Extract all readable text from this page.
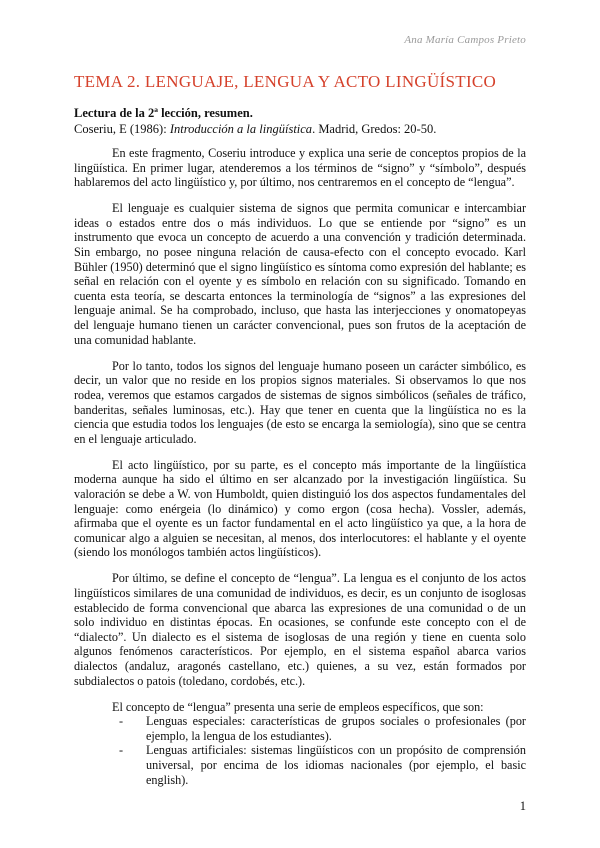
Ana María Campos Prieto
TEMA 2. LENGUAJE, LENGUA Y ACTO LINGÜÍSTICO

Lectura de la 2ª lección, resumen.

Coseriu, E (1986): Introducción a la lingüística. Madrid, Gredos: 20-50.

En este fragmento, Coseriu introduce y explica una serie de conceptos propios de la lingüística. En primer lugar, atenderemos a los términos de “signo” y “símbolo”, después hablaremos del acto lingüístico y, por último, nos centraremos en el concepto de “lengua”.

El lenguaje es cualquier sistema de signos que permita comunicar e intercambiar ideas o estados entre dos o más individuos. Lo que se entiende por “signo” es un instrumento que evoca un concepto de acuerdo a una convención y tradición determinada. Sin embargo, no posee ninguna relación de causa-efecto con el concepto evocado. Karl Bühler (1950) determinó que el signo lingüístico es síntoma como expresión del hablante; es señal en relación con el oyente y es símbolo en relación con su significado. Tomando en cuenta esta teoría, se descarta entonces la terminología de “signos” a las expresiones del lenguaje animal. Se ha comprobado, incluso, que hasta las interjecciones y onomatopeyas del lenguaje humano tienen un carácter convencional, pues son frutos de la aceptación de una comunidad hablante.

Por lo tanto, todos los signos del lenguaje humano poseen un carácter simbólico, es decir, un valor que no reside en los propios signos materiales. Si observamos lo que nos rodea, veremos que estamos cargados de sistemas de signos simbólicos (señales de tráfico, banderitas, señales luminosas, etc.). Hay que tener en cuenta que la lingüística no es la ciencia que estudia todos los lenguajes (de esto se encarga la semiología), sino que se centra en el lenguaje articulado.

El acto lingüístico, por su parte, es el concepto más importante de la lingüística moderna aunque ha sido el último en ser alcanzado por la investigación lingüística. Su valoración se debe a W. von Humboldt, quien distinguió los dos aspectos fundamentales del lenguaje: como enérgeia (lo dinámico) y como ergon (cosa hecha). Vossler, además, afirmaba que el oyente es un factor fundamental en el acto lingüístico ya que, a la hora de comunicar algo a alguien se necesitan, al menos, dos interlocutores: el hablante y el oyente (siendo los monólogos también actos lingüísticos).

Por último, se define el concepto de “lengua”. La lengua es el conjunto de los actos lingüísticos similares de una comunidad de individuos, es decir, es un conjunto de isoglosas establecido de forma convencional que abarca las expresiones de una comunidad o de un solo individuo en distintas épocas. En ocasiones, se confunde este concepto con el de “dialecto”. Un dialecto es el sistema de isoglosas de una región y tiene en cuenta solo algunos fenómenos característicos. Por ejemplo, en el sistema español abarca varios dialectos (andaluz, aragonés castellano, etc.) quienes, a su vez, están formados por subdialectos o patois (toledano, cordobés, etc.).

El concepto de “lengua” presenta una serie de empleos específicos, que son:

- Lenguas especiales: características de grupos sociales o profesionales (por ejemplo, la lengua de los estudiantes).
- Lenguas artificiales: sistemas lingüísticos con un propósito de comprensión universal, por encima de los idiomas nacionales (por ejemplo, el basic english).
1
